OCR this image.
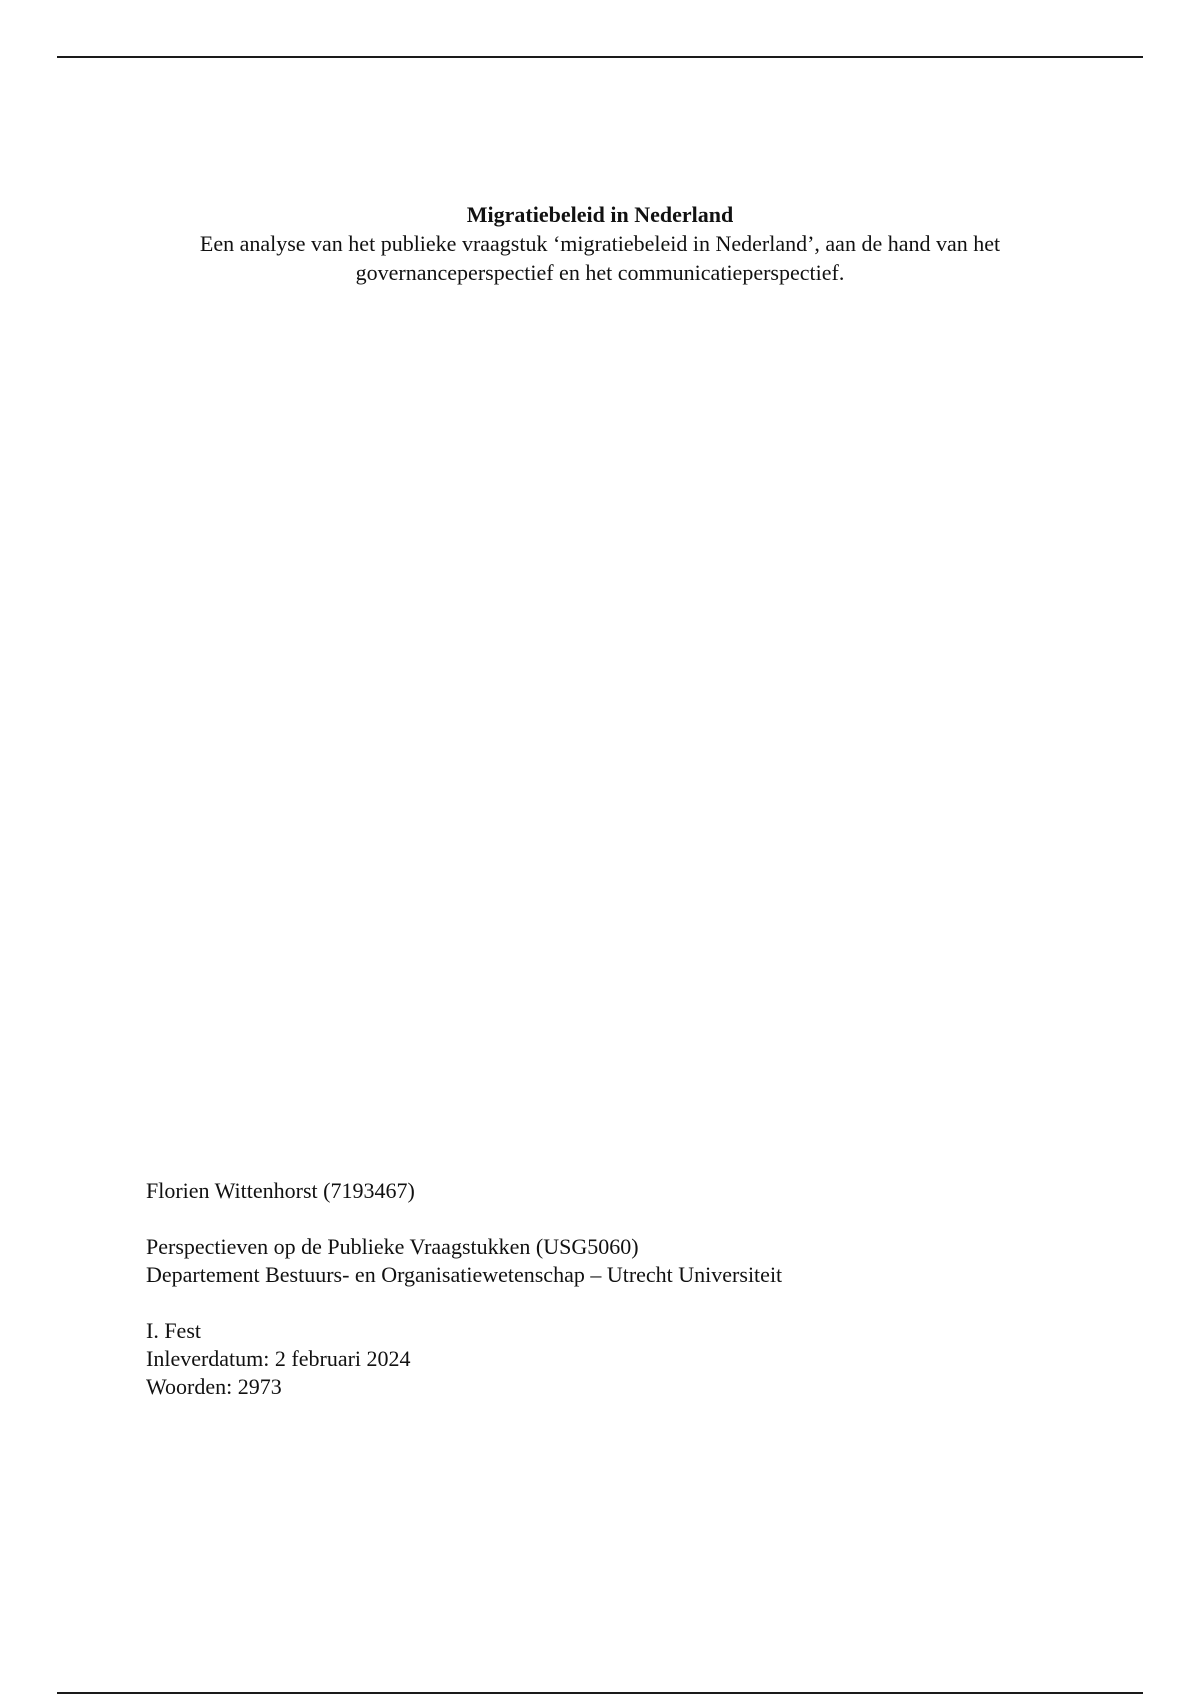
Migratiebeleid in Nederland
Een analyse van het publieke vraagstuk ‘migratiebeleid in Nederland’, aan de hand van het governanceperspectief en het communicatieperspectief.
Florien Wittenhorst (7193467)
Perspectieven op de Publieke Vraagstukken (USG5060)
Departement Bestuurs- en Organisatiewetenschap – Utrecht Universiteit
I. Fest
Inleverdatum: 2 februari 2024
Woorden: 2973
